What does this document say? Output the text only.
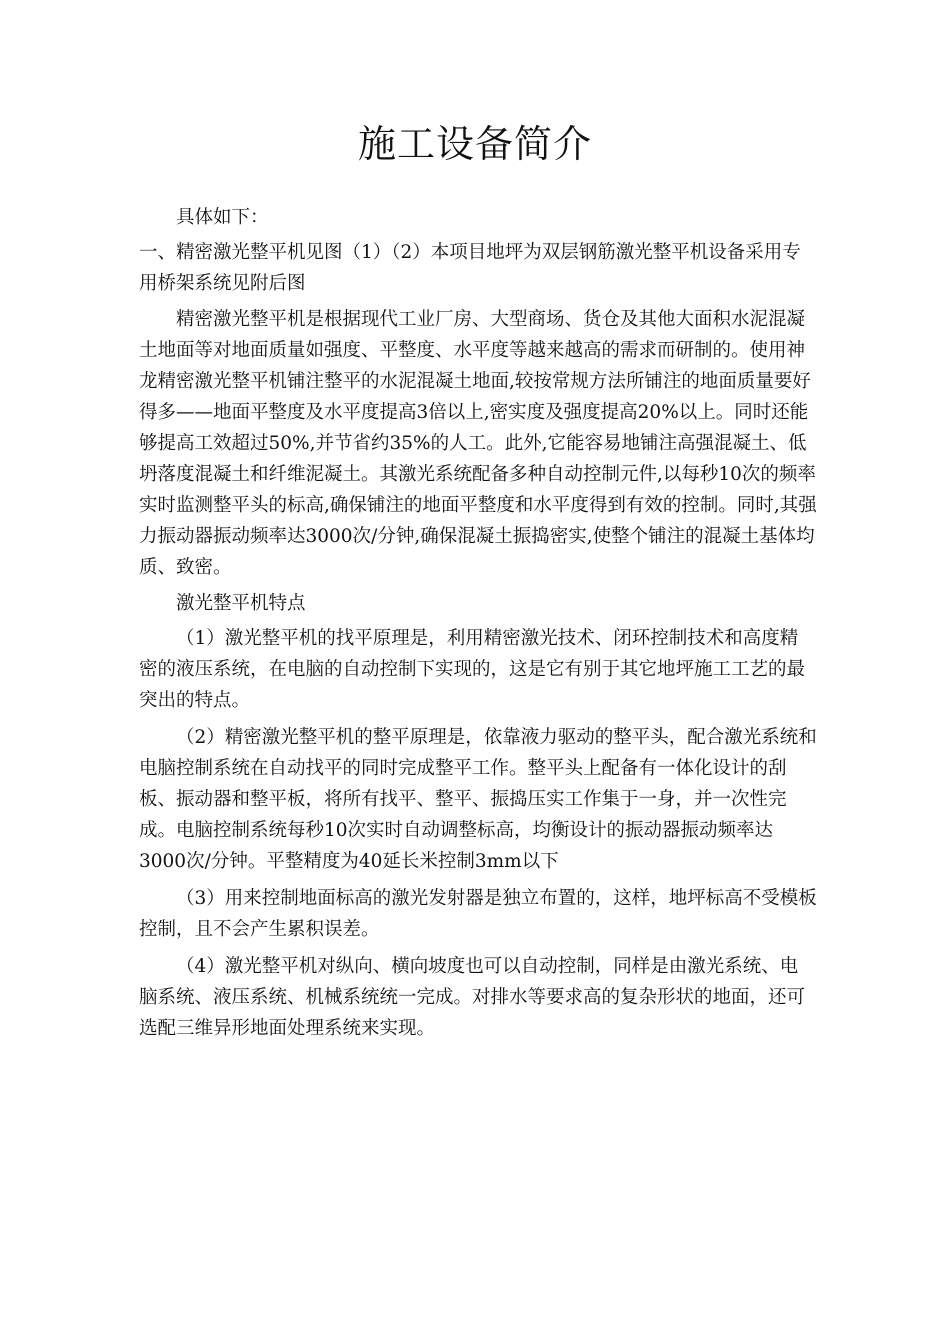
施工设备简介

具体如下：

一、精密激光整平机见图（1）（2）本项目地坪为双层钢筋激光整平机设备采用专用桥架系统见附后图

精密激光整平机是根据现代工业厂房、大型商场、货仓及其他大面积水泥混凝土地面等对地面质量如强度、平整度、水平度等越来越高的需求而研制的。使用神龙精密激光整平机铺注整平的水泥混凝土地面,较按常规方法所铺注的地面质量要好得多——地面平整度及水平度提高3倍以上,密实度及强度提高20%以上。同时还能够提高工效超过50%,并节省约35%的人工。此外,它能容易地铺注高强混凝土、低坍落度混凝土和纤维泥凝土。其激光系统配备多种自动控制元件,以每秒10次的频率实时监测整平头的标高,确保铺注的地面平整度和水平度得到有效的控制。同时,其强力振动器振动频率达3000次/分钟,确保混凝土振捣密实,使整个铺注的混凝土基体均质、致密。

激光整平机特点

（1）激光整平机的找平原理是，利用精密激光技术、闭环控制技术和高度精密的液压系统，在电脑的自动控制下实现的，这是它有别于其它地坪施工工艺的最突出的特点。

（2）精密激光整平机的整平原理是，依靠液力驱动的整平头，配合激光系统和电脑控制系统在自动找平的同时完成整平工作。整平头上配备有一体化设计的刮板、振动器和整平板，将所有找平、整平、振捣压实工作集于一身，并一次性完成。电脑控制系统每秒10次实时自动调整标高，均衡设计的振动器振动频率达3000次/分钟。平整精度为40延长米控制3mm以下

（3）用来控制地面标高的激光发射器是独立布置的，这样，地坪标高不受模板控制，且不会产生累积误差。

（4）激光整平机对纵向、横向坡度也可以自动控制，同样是由激光系统、电脑系统、液压系统、机械系统统一完成。对排水等要求高的复杂形状的地面，还可选配三维异形地面处理系统来实现。
